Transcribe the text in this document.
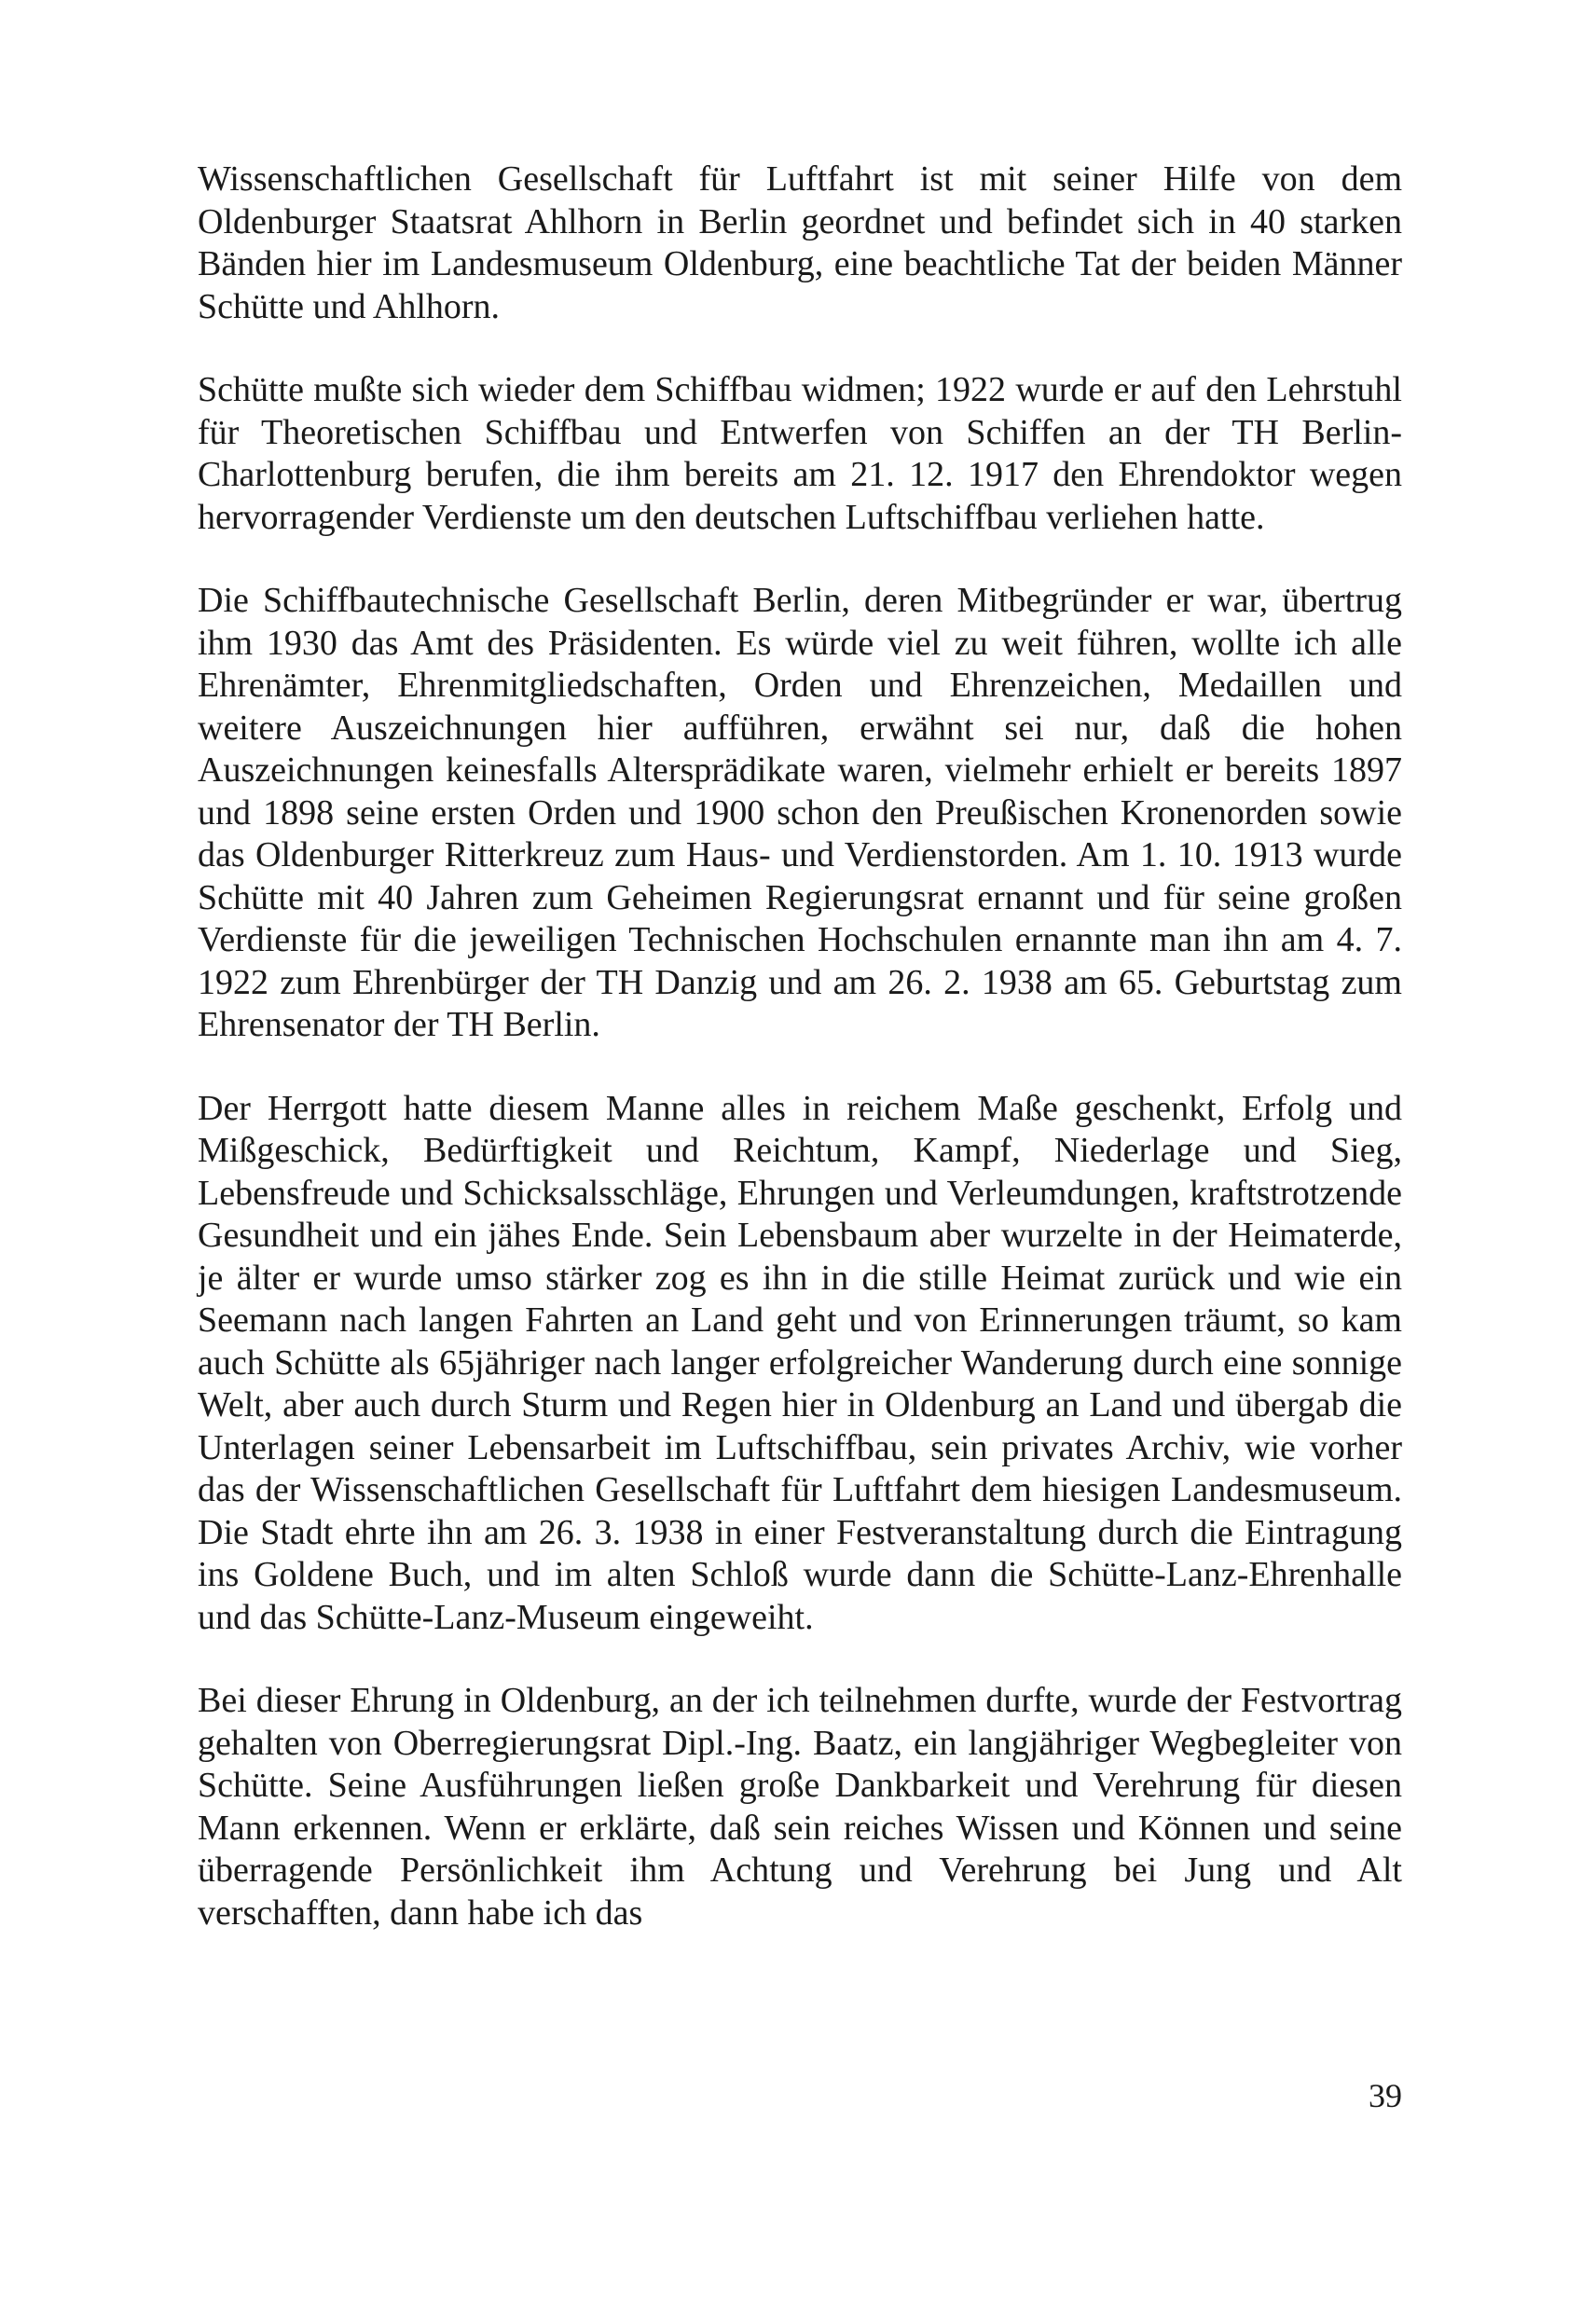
Wissenschaftlichen Gesellschaft für Luftfahrt ist mit seiner Hilfe von dem Oldenburger Staatsrat Ahlhorn in Berlin geordnet und befindet sich in 40 starken Bänden hier im Landesmuseum Oldenburg, eine beachtliche Tat der beiden Männer Schütte und Ahlhorn.

Schütte mußte sich wieder dem Schiffbau widmen; 1922 wurde er auf den Lehrstuhl für Theoretischen Schiffbau und Entwerfen von Schiffen an der TH Berlin-Charlottenburg berufen, die ihm bereits am 21. 12. 1917 den Ehrendoktor wegen hervorragender Verdienste um den deutschen Luftschiffbau verliehen hatte.

Die Schiffbautechnische Gesellschaft Berlin, deren Mitbegründer er war, übertrug ihm 1930 das Amt des Präsidenten. Es würde viel zu weit führen, wollte ich alle Ehrenämter, Ehrenmitgliedschaften, Orden und Ehrenzeichen, Medaillen und weitere Auszeichnungen hier aufführen, erwähnt sei nur, daß die hohen Auszeichnungen keinesfalls Altersprädikate waren, vielmehr erhielt er bereits 1897 und 1898 seine ersten Orden und 1900 schon den Preußischen Kronenorden sowie das Oldenburger Ritterkreuz zum Haus- und Verdienstorden. Am 1. 10. 1913 wurde Schütte mit 40 Jahren zum Geheimen Regierungsrat ernannt und für seine großen Verdienste für die jeweiligen Technischen Hochschulen ernannte man ihn am 4. 7. 1922 zum Ehrenbürger der TH Danzig und am 26. 2. 1938 am 65. Geburtstag zum Ehrensenator der TH Berlin.

Der Herrgott hatte diesem Manne alles in reichem Maße geschenkt, Erfolg und Mißgeschick, Bedürftigkeit und Reichtum, Kampf, Niederlage und Sieg, Lebensfreude und Schicksalsschläge, Ehrungen und Verleumdungen, kraftstrotzende Gesundheit und ein jähes Ende. Sein Lebensbaum aber wurzelte in der Heimaterde, je älter er wurde umso stärker zog es ihn in die stille Heimat zurück und wie ein Seemann nach langen Fahrten an Land geht und von Erinnerungen träumt, so kam auch Schütte als 65jähriger nach langer erfolgreicher Wanderung durch eine sonnige Welt, aber auch durch Sturm und Regen hier in Oldenburg an Land und übergab die Unterlagen seiner Lebensarbeit im Luftschiffbau, sein privates Archiv, wie vorher das der Wissenschaftlichen Gesellschaft für Luftfahrt dem hiesigen Landesmuseum. Die Stadt ehrte ihn am 26. 3. 1938 in einer Festveranstaltung durch die Eintragung ins Goldene Buch, und im alten Schloß wurde dann die Schütte-Lanz-Ehrenhalle und das Schütte-Lanz-Museum eingeweiht.

Bei dieser Ehrung in Oldenburg, an der ich teilnehmen durfte, wurde der Festvortrag gehalten von Oberregierungsrat Dipl.-Ing. Baatz, ein langjähriger Wegbegleiter von Schütte. Seine Ausführungen ließen große Dankbarkeit und Verehrung für diesen Mann erkennen. Wenn er erklärte, daß sein reiches Wissen und Können und seine überragende Persönlichkeit ihm Achtung und Verehrung bei Jung und Alt verschafften, dann habe ich das

39
